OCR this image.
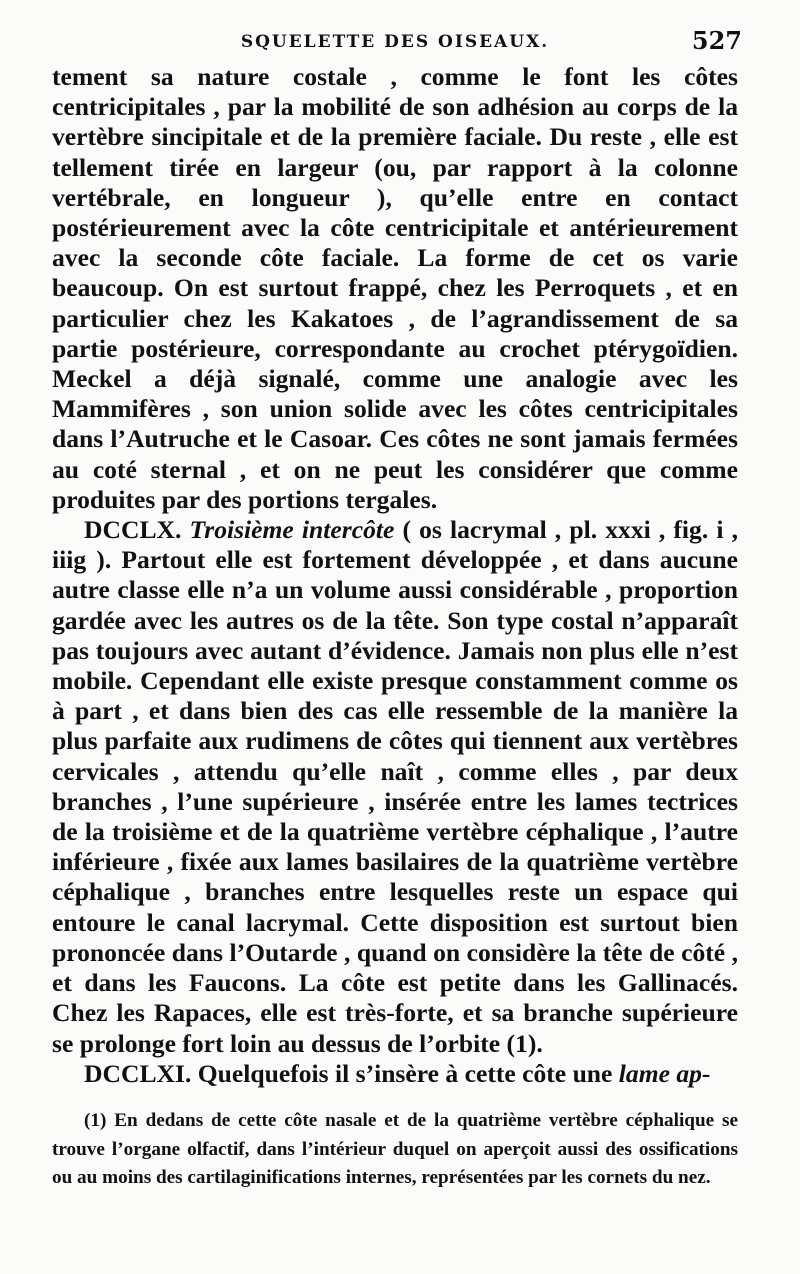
SQUELETTE DES OISEAUX.	527

tement sa nature costale , comme le font les côtes centricipitales , par la mobilité de son adhésion au corps de la vertèbre sincipitale et de la première faciale. Du reste , elle est tellement tirée en largeur (ou, par rapport à la colonne vertébrale, en longueur ), qu’elle entre en contact postérieurement avec la côte centricipitale et antérieurement avec la seconde côte faciale. La forme de cet os varie beaucoup. On est surtout frappé, chez les Perroquets , et en particulier chez les Kakatoes , de l’agrandissement de sa partie postérieure, correspondante au crochet ptérygoïdien. Meckel a déjà signalé, comme une analogie avec les Mammifères , son union solide avec les côtes centricipitales dans l’Autruche et le Casoar. Ces côtes ne sont jamais fermées au coté sternal , et on ne peut les considérer que comme produites par des portions tergales.

DCCLX. Troisième intercôte ( os lacrymal , pl. xxxi , fig. i , iiig ). Partout elle est fortement développée , et dans aucune autre classe elle n’a un volume aussi considérable , proportion gardée avec les autres os de la tête. Son type costal n’apparaît pas toujours avec autant d’évidence. Jamais non plus elle n’est mobile. Cependant elle existe presque constamment comme os à part , et dans bien des cas elle ressemble de la manière la plus parfaite aux rudimens de côtes qui tiennent aux vertèbres cervicales , attendu qu’elle naît , comme elles , par deux branches , l’une supérieure , insérée entre les lames tectrices de la troisième et de la quatrième vertèbre céphalique , l’autre inférieure , fixée aux lames basilaires de la quatrième vertèbre céphalique , branches entre lesquelles reste un espace qui entoure le canal lacrymal. Cette disposition est surtout bien prononcée dans l’Outarde , quand on considère la tête de côté , et dans les Faucons. La côte est petite dans les Gallinacés. Chez les Rapaces, elle est très-forte, et sa branche supérieure se prolonge fort loin au dessus de l’orbite (1).

DCCLXI. Quelquefois il s’insère à cette côte une lame ap-

(1) En dedans de cette côte nasale et de la quatrième vertèbre céphalique se trouve l’organe olfactif, dans l’intérieur duquel on aperçoit aussi des ossifications ou au moins des cartilaginifications internes, représentées par les cornets du nez.
